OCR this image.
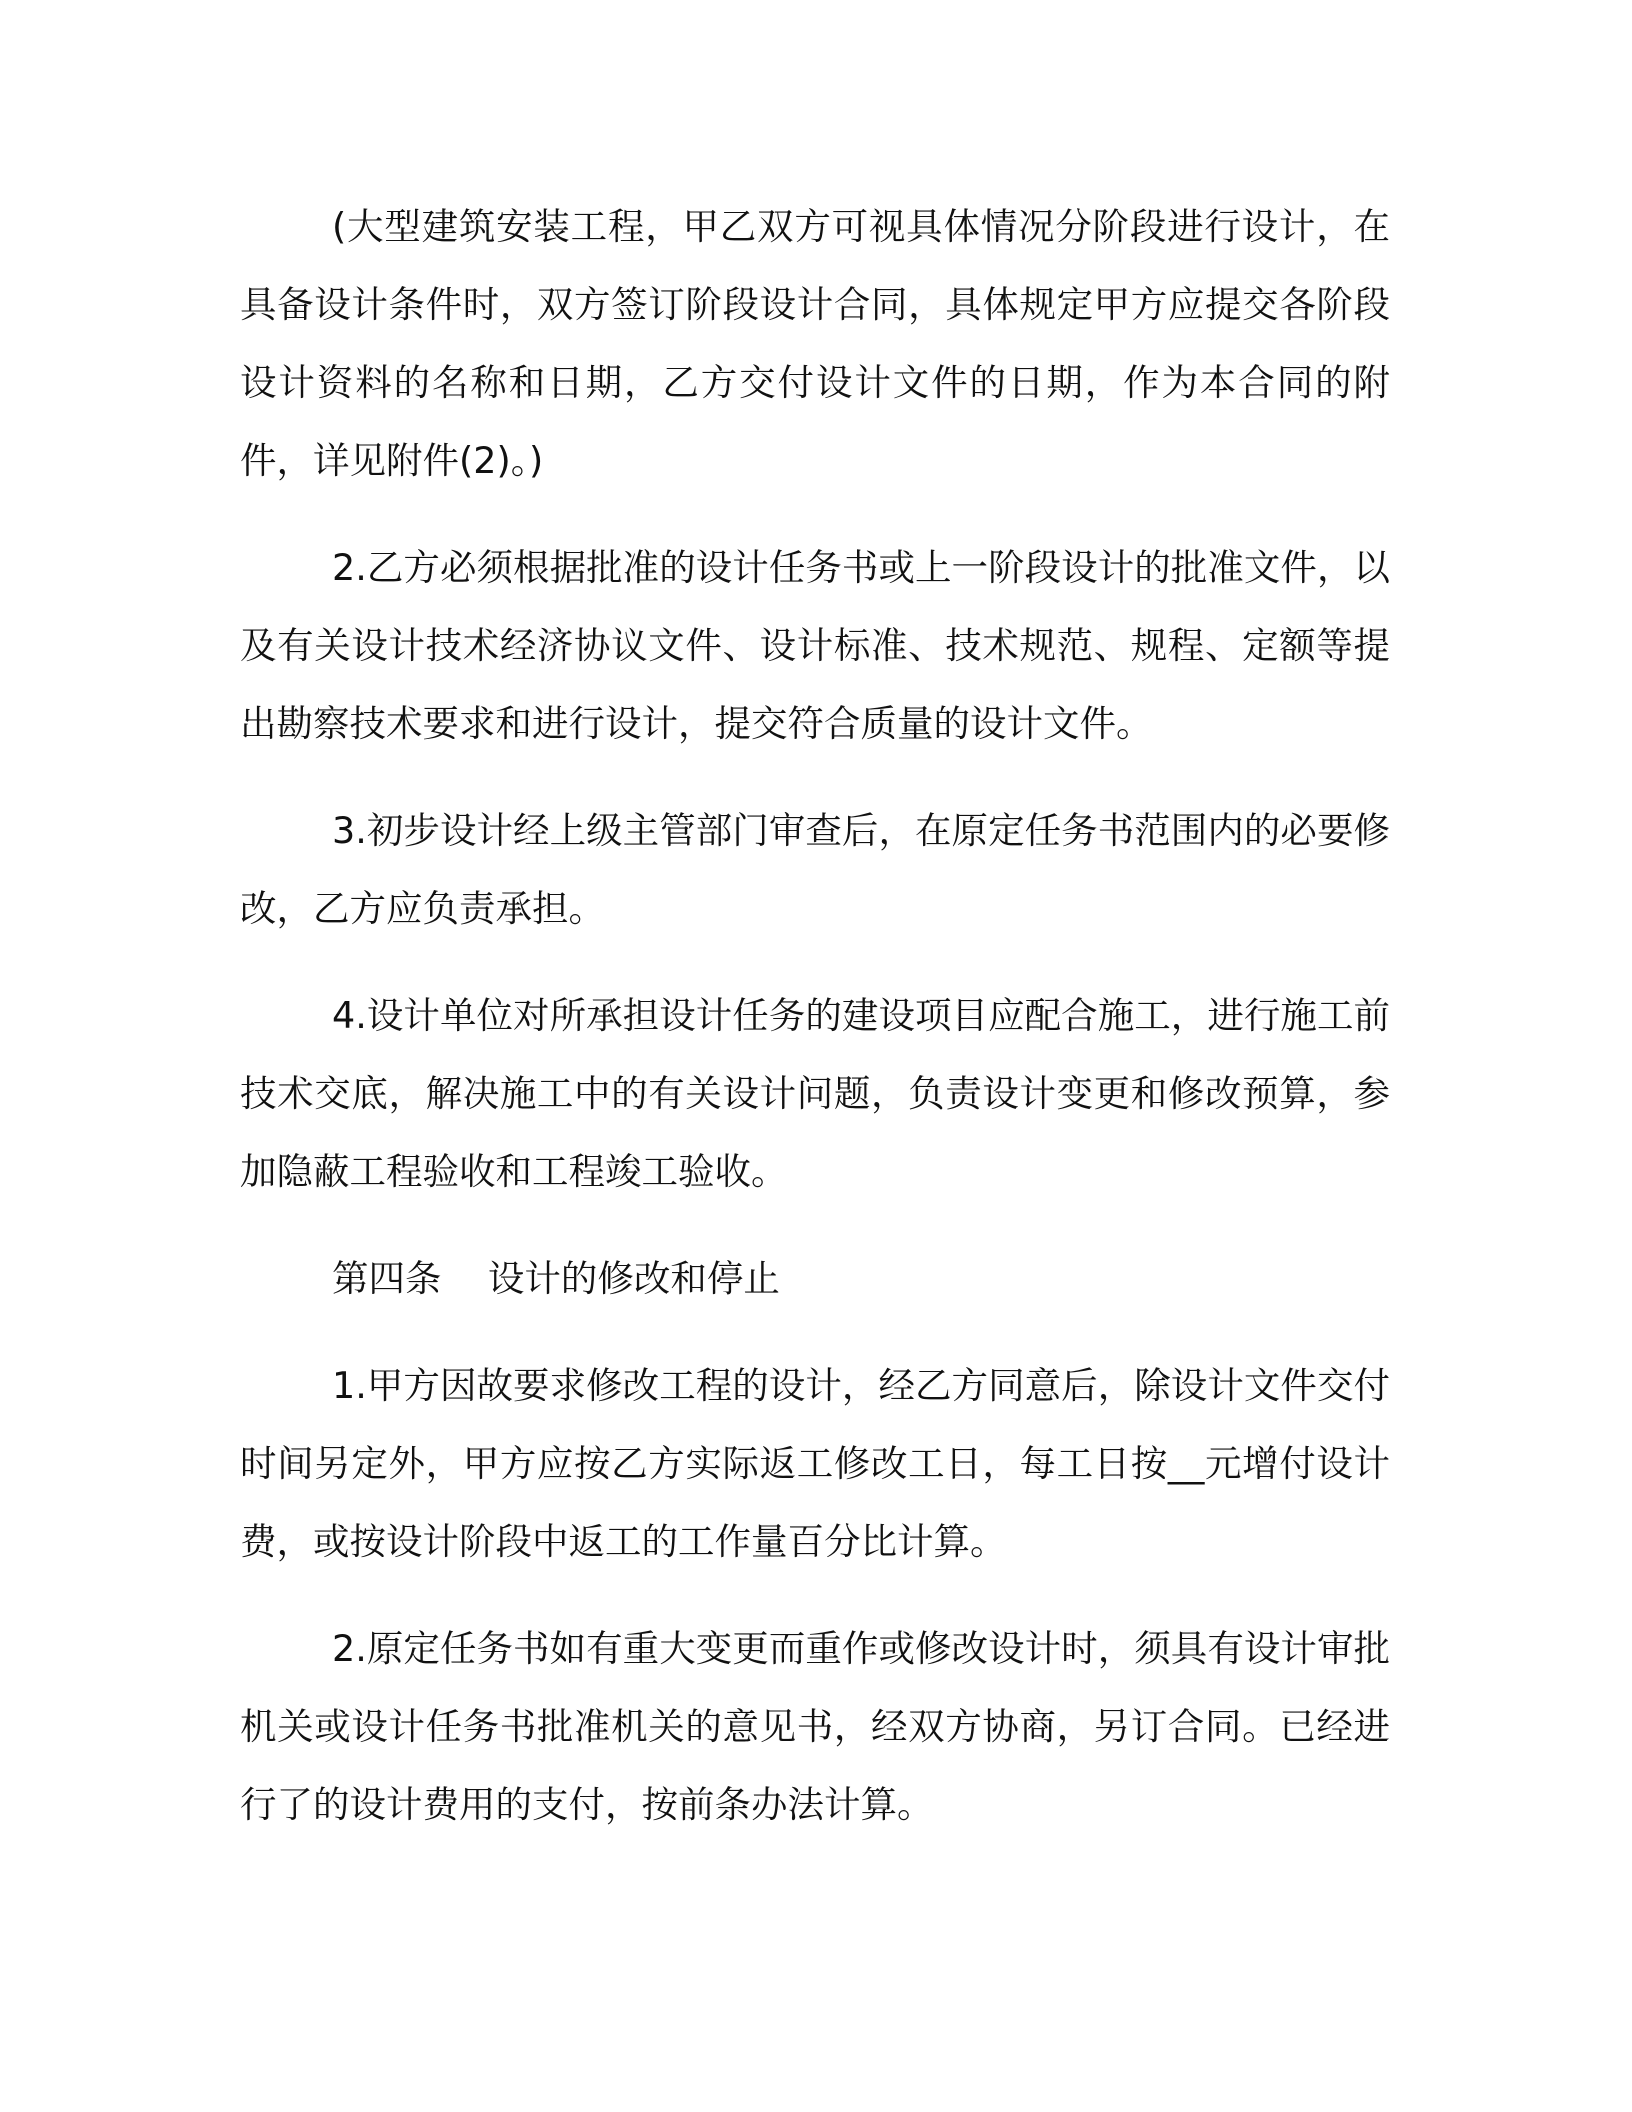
(大型建筑安装工程，甲乙双方可视具体情况分阶段进行设计，在具备设计条件时，双方签订阶段设计合同，具体规定甲方应提交各阶段设计资料的名称和日期，乙方交付设计文件的日期，作为本合同的附件，详见附件(2)。)

2.乙方必须根据批准的设计任务书或上一阶段设计的批准文件，以及有关设计技术经济协议文件、设计标准、技术规范、规程、定额等提出勘察技术要求和进行设计，提交符合质量的设计文件。

3.初步设计经上级主管部门审查后，在原定任务书范围内的必要修改，乙方应负责承担。

4.设计单位对所承担设计任务的建设项目应配合施工，进行施工前技术交底，解决施工中的有关设计问题，负责设计变更和修改预算，参加隐蔽工程验收和工程竣工验收。

第四条    设计的修改和停止

1.甲方因故要求修改工程的设计，经乙方同意后，除设计文件交付时间另定外，甲方应按乙方实际返工修改工日，每工日按__元增付设计费，或按设计阶段中返工的工作量百分比计算。

2.原定任务书如有重大变更而重作或修改设计时，须具有设计审批机关或设计任务书批准机关的意见书，经双方协商，另订合同。已经进行了的设计费用的支付，按前条办法计算。
